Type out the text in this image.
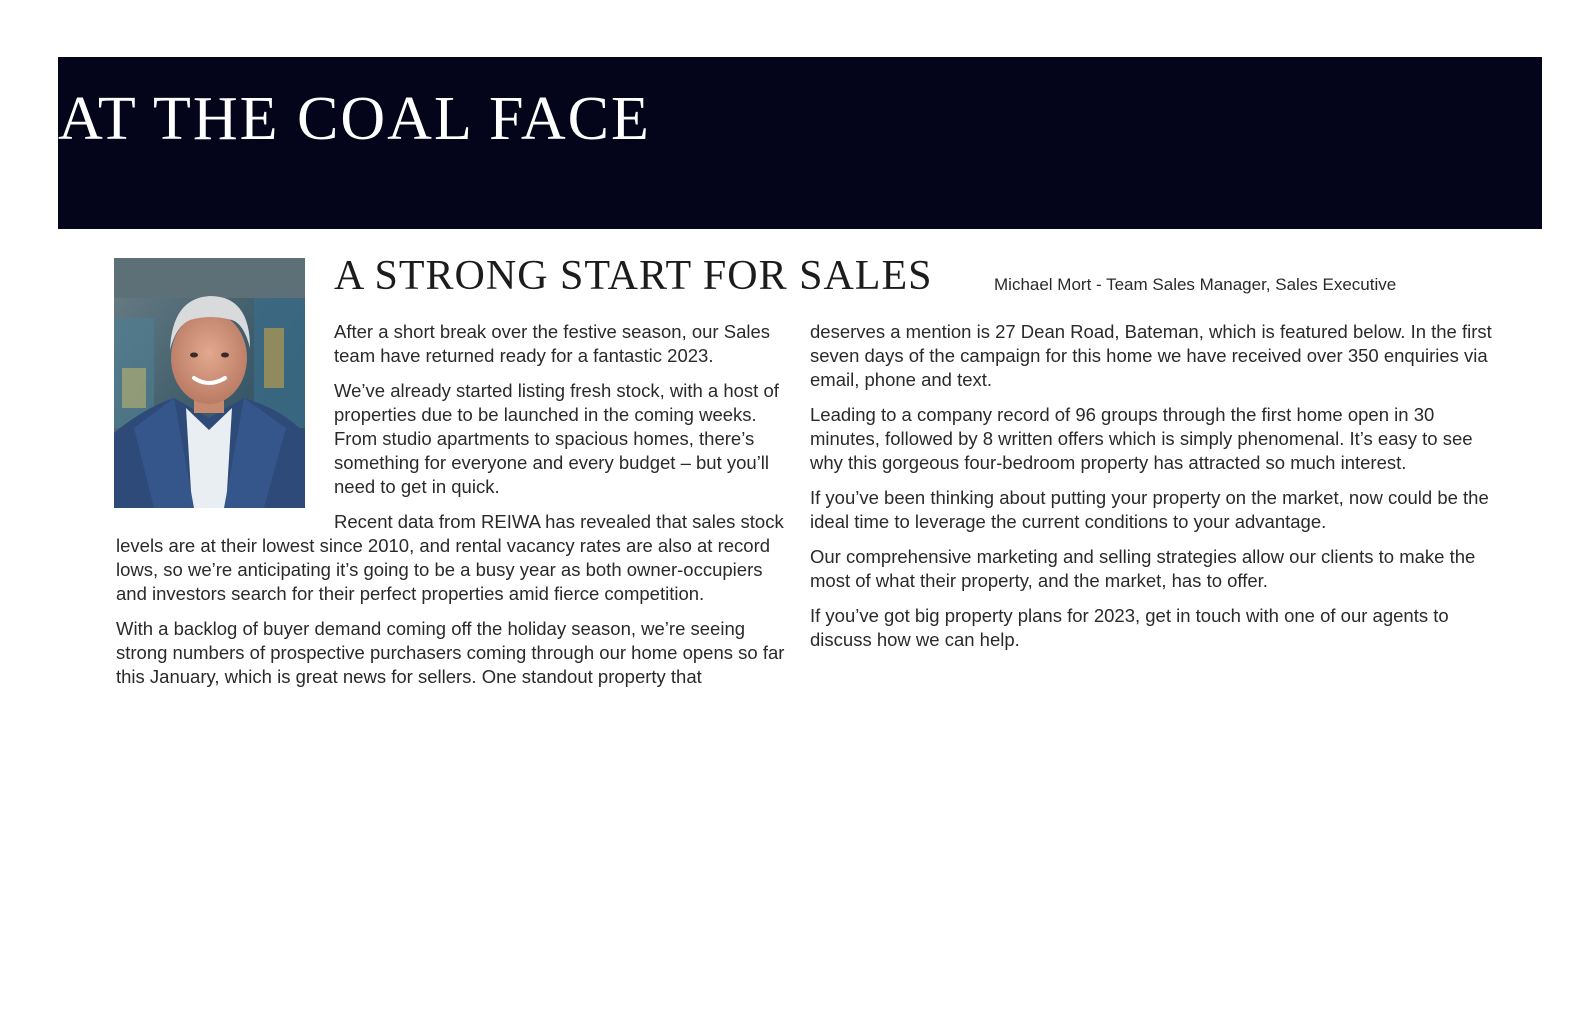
AT THE COAL FACE
A STRONG START FOR SALES	Michael Mort - Team Sales Manager, Sales Executive

After a short break over the festive season, our Sales team have returned ready for a fantastic 2023.

We’ve already started listing fresh stock, with a host of properties due to be launched in the coming weeks. From studio apartments to spacious homes, there’s something for everyone and every budget – but you’ll need to get in quick.

Recent data from REIWA has revealed that sales stock levels are at their lowest since 2010, and rental vacancy rates are also at record lows, so we’re anticipating it’s going to be a busy year as both owner-occupiers and investors search for their perfect properties amid fierce competition.

With a backlog of buyer demand coming off the holiday season, we’re seeing strong numbers of prospective purchasers coming through our home opens so far this January, which is great news for sellers. One standout property that

deserves a mention is 27 Dean Road, Bateman, which is featured below. In the first seven days of the campaign for this home we have received over 350 enquiries via email, phone and text.

Leading to a company record of 96 groups through the first home open in 30 minutes, followed by 8 written offers which is simply phenomenal. It’s easy to see why this gorgeous four-bedroom property has attracted so much interest.

If you’ve been thinking about putting your property on the market, now could be the ideal time to leverage the current conditions to your advantage.

Our comprehensive marketing and selling strategies allow our clients to make the most of what their property, and the market, has to offer.

If you’ve got big property plans for 2023, get in touch with one of our agents to discuss how we can help.
